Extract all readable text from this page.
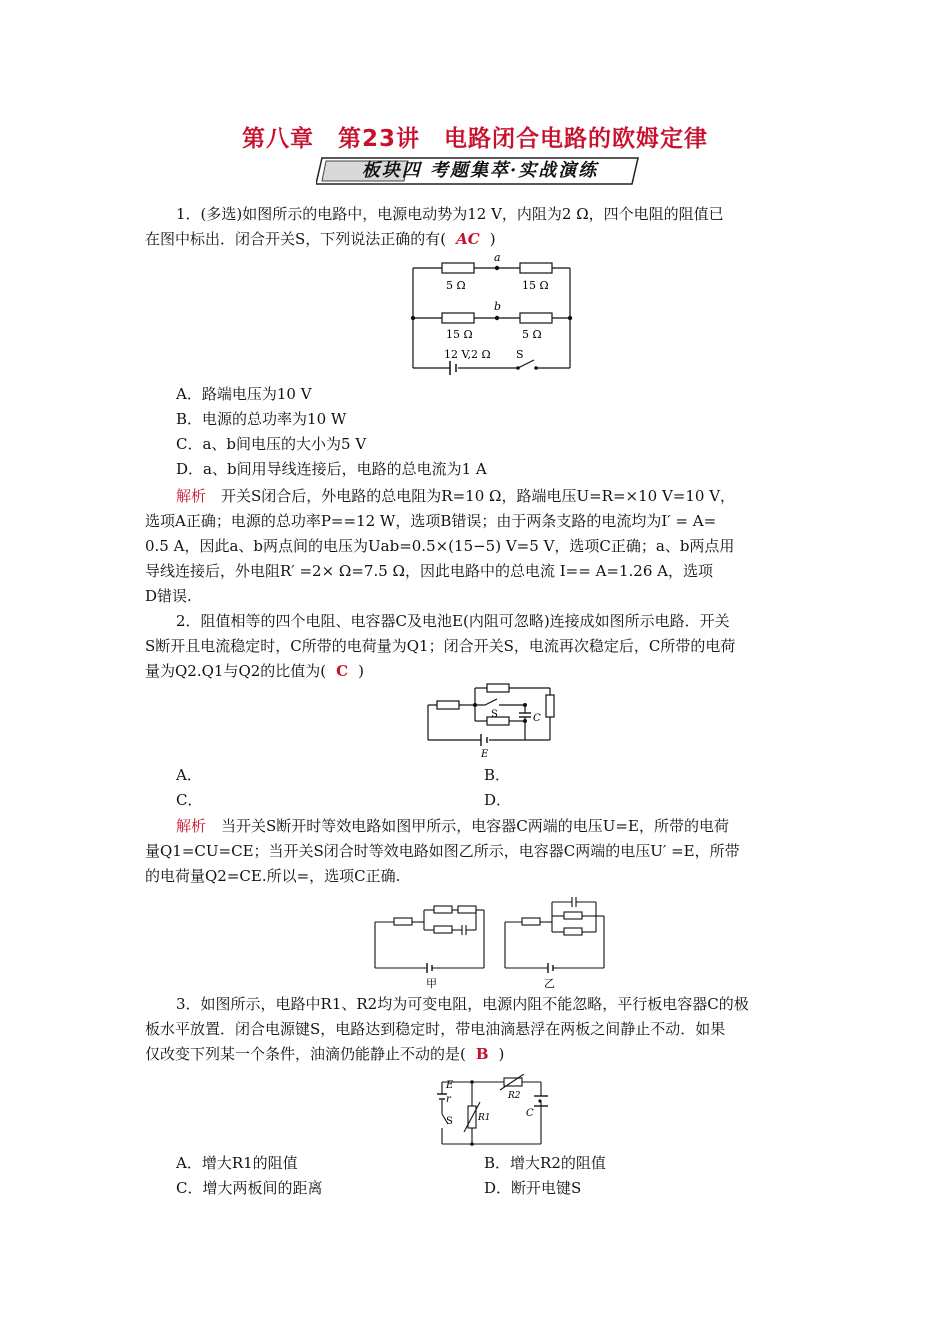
第八章　第23讲　电路闭合电路的欧姆定律
板块四 考题集萃·实战演练
1．(多选)如图所示的电路中，电源电动势为12 V，内阻为2 Ω，四个电阻的阻值已
在图中标出．闭合开关S，下列说法正确的有( AC )
a
b
5 Ω	15 Ω
15 Ω	5 Ω
12 V,2 Ω S
A．路端电压为10 V
B．电源的总功率为10 W
C．a、b间电压的大小为5 V
D．a、b间用导线连接后，电路的总电流为1 A
解析　 开关S闭合后，外电路的总电阻为R=10 Ω，路端电压U=R=×10 V=10 V，
选项A正确；电源的总功率P==12 W，选项B错误；由于两条支路的电流均为I′ = A=
0.5 A，因此a、b两点间的电压为Uab=0.5×(15−5) V=5 V，选项C正确；a、b两点用
导线连接后，外电阻R′ =2× Ω=7.5 Ω，因此电路中的总电流 I== A=1.26 A，选项
D错误.
2．阻值相等的四个电阻、电容器C及电池E(内阻可忽略)连接成如图所示电路．开关
S断开且电流稳定时，C所带的电荷量为Q1；闭合开关S，电流再次稳定后，C所带的电荷
量为Q2.Q1与Q2的比值为( C )
S	C
E
A．	B．
C．	D．
解析　 当开关S断开时等效电路如图甲所示，电容器C两端的电压U=E，所带的电荷
量Q1=CU=CE；当开关S闭合时等效电路如图乙所示，电容器C两端的电压U′ =E，所带
的电荷量Q2=CE.所以=，选项C正确.
甲	乙
3．如图所示，电路中R1、R2均为可变电阻，电源内阻不能忽略，平行板电容器C的极
板水平放置．闭合电源键S，电路达到稳定时，带电油滴悬浮在两板之间静止不动．如果
仅改变下列某一个条件，油滴仍能静止不动的是( B )
E
r
S	R1
R2
C
A．增大R1的阻值	B．增大R2的阻值
C．增大两板间的距离	D．断开电键S
